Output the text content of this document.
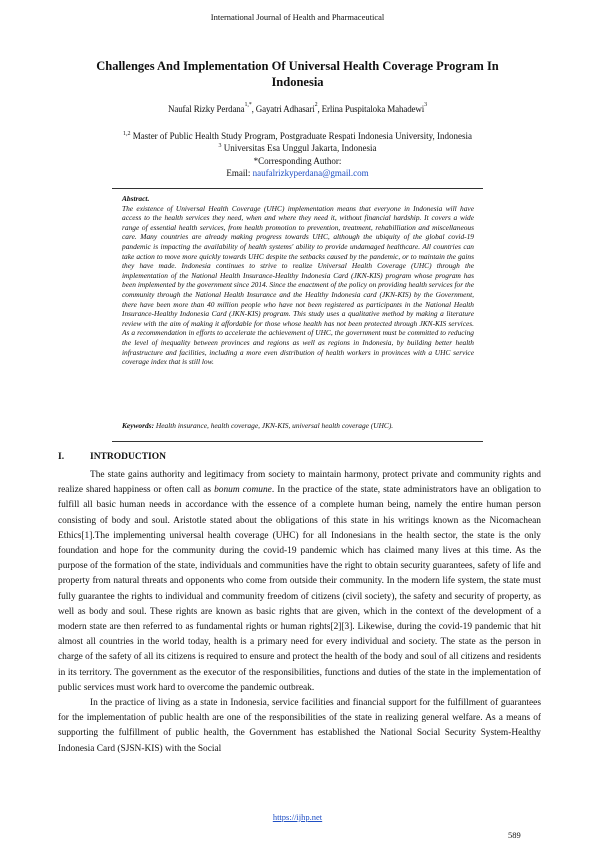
International Journal of Health and Pharmaceutical
Challenges And Implementation Of Universal Health Coverage Program In Indonesia
Naufal Rizky Perdana$^{1,*}$, Gayatri Adhasari$^2$, Erlina Puspitaloka Mahadewi$^3$
$^{1,2}$ Master of Public Health Study Program, Postgraduate Respati Indonesia University, Indonesia
$^3$ Universitas Esa Unggul Jakarta, Indonesia
*Corresponding Author:
Email: naufalrizkyperdana@gmail.com
Abstract.
The existence of Universal Health Coverage (UHC) implementation means that everyone in Indonesia will have access to the health services they need, when and where they need it, without financial hardship. It covers a wide range of essential health services, from health promotion to prevention, treatment, rehabilliation and miscellaneous care. Many countries are already making progress towards UHC, although the ubiquity of the global covid-19 pandemic is impacting the availability of health systems' ability to provide undamaged healthcare. All countries can take action to move more quickly towards UHC despite the setbacks caused by the pandemic, or to maintain the gains they have made. Indonesia continues to strive to realize Universal Health Coverage (UHC) through the implementation of the National Health Insurance-Healthy Indonesia Card (JKN-KIS) program whose program has been implemented by the government since 2014. Since the enactment of the policy on providing health services for the community through the National Health Insurance and the Healthy Indonesia card (JKN-KIS) by the Government, there have been more than 40 million people who have not been registered as participants in the National Health Insurance-Healthy Indonesia Card (JKN-KIS) program. This study uses a qualitative method by making a literature review with the aim of making it affordable for those whose health has not been protected through JKN-KIS services. As a recommendation in efforts to accelerate the achievement of UHC, the government must be committed to reducing the level of inequality between provinces and regions as well as regions in Indonesia, by building better health infrastructure and facilities, including a more even distribution of health workers in provinces with a UHC service coverage index that is still low.
Keywords: Health insurance, health coverage, JKN-KIS, universal health coverage (UHC).
I.	INTRODUCTION

The state gains authority and legitimacy from society to maintain harmony, protect private and community rights and realize shared happiness or often call as bonum comune. In the practice of the state, state administrators have an obligation to fulfill all basic human needs in accordance with the essence of a complete human being, namely the entire human person consisting of body and soul. Aristotle stated about the obligations of this state in his writings known as the Nicomachean Ethics[1].The implementing universal health coverage (UHC) for all Indonesians in the health sector, the state is the only foundation and hope for the community during the covid-19 pandemic which has claimed many lives at this time. As the purpose of the formation of the state, individuals and communities have the right to obtain security guarantees, safety of life and property from natural threats and opponents who come from outside their community. In the modern life system, the state must fully guarantee the rights to individual and community freedom of citizens (civil society), the safety and security of property, as well as body and soul. These rights are known as basic rights that are given, which in the context of the development of a modern state are then referred to as fundamental rights or human rights[2][3]. Likewise, during the covid-19 pandemic that hit almost all countries in the world today, health is a primary need for every individual and society. The state as the person in charge of the safety of all its citizens is required to ensure and protect the health of the body and soul of all citizens and residents in its territory. The government as the executor of the responsibilities, functions and duties of the state in the implementation of public services must work hard to overcome the pandemic outbreak.

In the practice of living as a state in Indonesia, service facilities and financial support for the fulfillment of guarantees for the implementation of public health are one of the responsibilities of the state in realizing general welfare. As a means of supporting the fulfillment of public health, the Government has established the National Social Security System-Healthy Indonesia Card (SJSN-KIS) with the Social

https://ijhp.net
589
